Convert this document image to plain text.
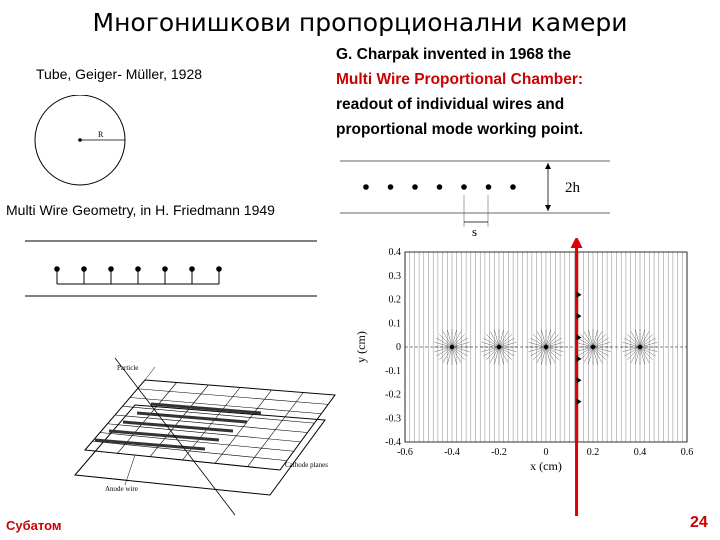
Многонишкови пропорционални камери
Tube, Geiger- Müller, 1928
R
G. Charpak invented in 1968 the
Multi Wire Proportional Chamber:
readout of individual wires and
proportional mode working point.
2h
s
Multi Wire Geometry, in H. Friedmann 1949
Particle
Cathode planes
Anode wire
-0.6	-0.4	-0.2	0	0.2	0.4	0.6
0.4
0.3
0.2
0.1
0
-0.1
-0.2
-0.3
-0.4
x (cm)
y (cm)
Субатом	24
